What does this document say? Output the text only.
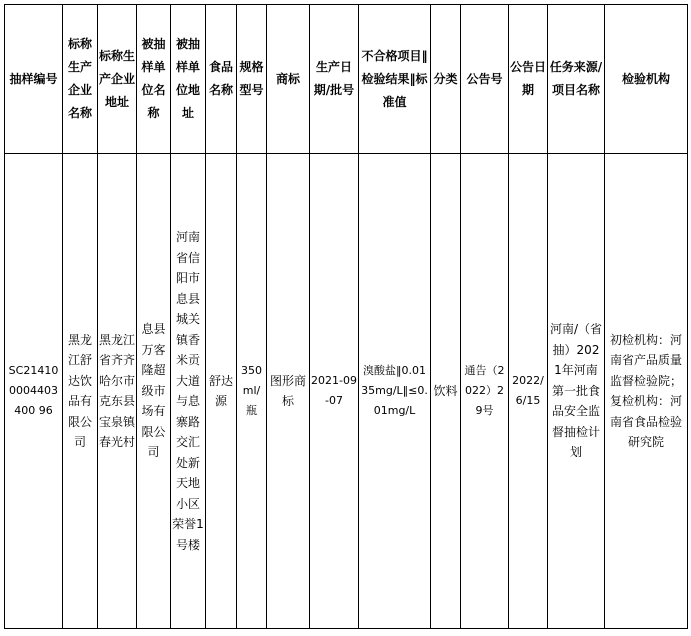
抽样编号	标称生产企业名称	标称生产企业地址	被抽样单位名称	被抽样单位地址	食品名称	规格型号	商标	生产日期/批号	不合格项目‖检验结果‖标准值	分类	公告号	公告日期	任务来源/项目名称	检验机构
SC214100004403400 96	黑龙江舒达饮品有限公司	黑龙江省齐齐哈尔市克东县宝泉镇春光村	息县万客隆超级市场有限公司	河南省信阳市息县城关镇香米贡大道与息寨路交汇处新天地小区荣誉1号楼	舒达源	350ml/瓶	图形商标	2021-09-07	溴酸盐‖0.0135mg/L‖≤0.01mg/L	饮料	通告（2022）29号	2022/6/15	河南/（省抽）2021年河南第一批食品安全监督抽检计划	初检机构：河南省产品质量监督检验院；复检机构：河南省食品检验研究院
